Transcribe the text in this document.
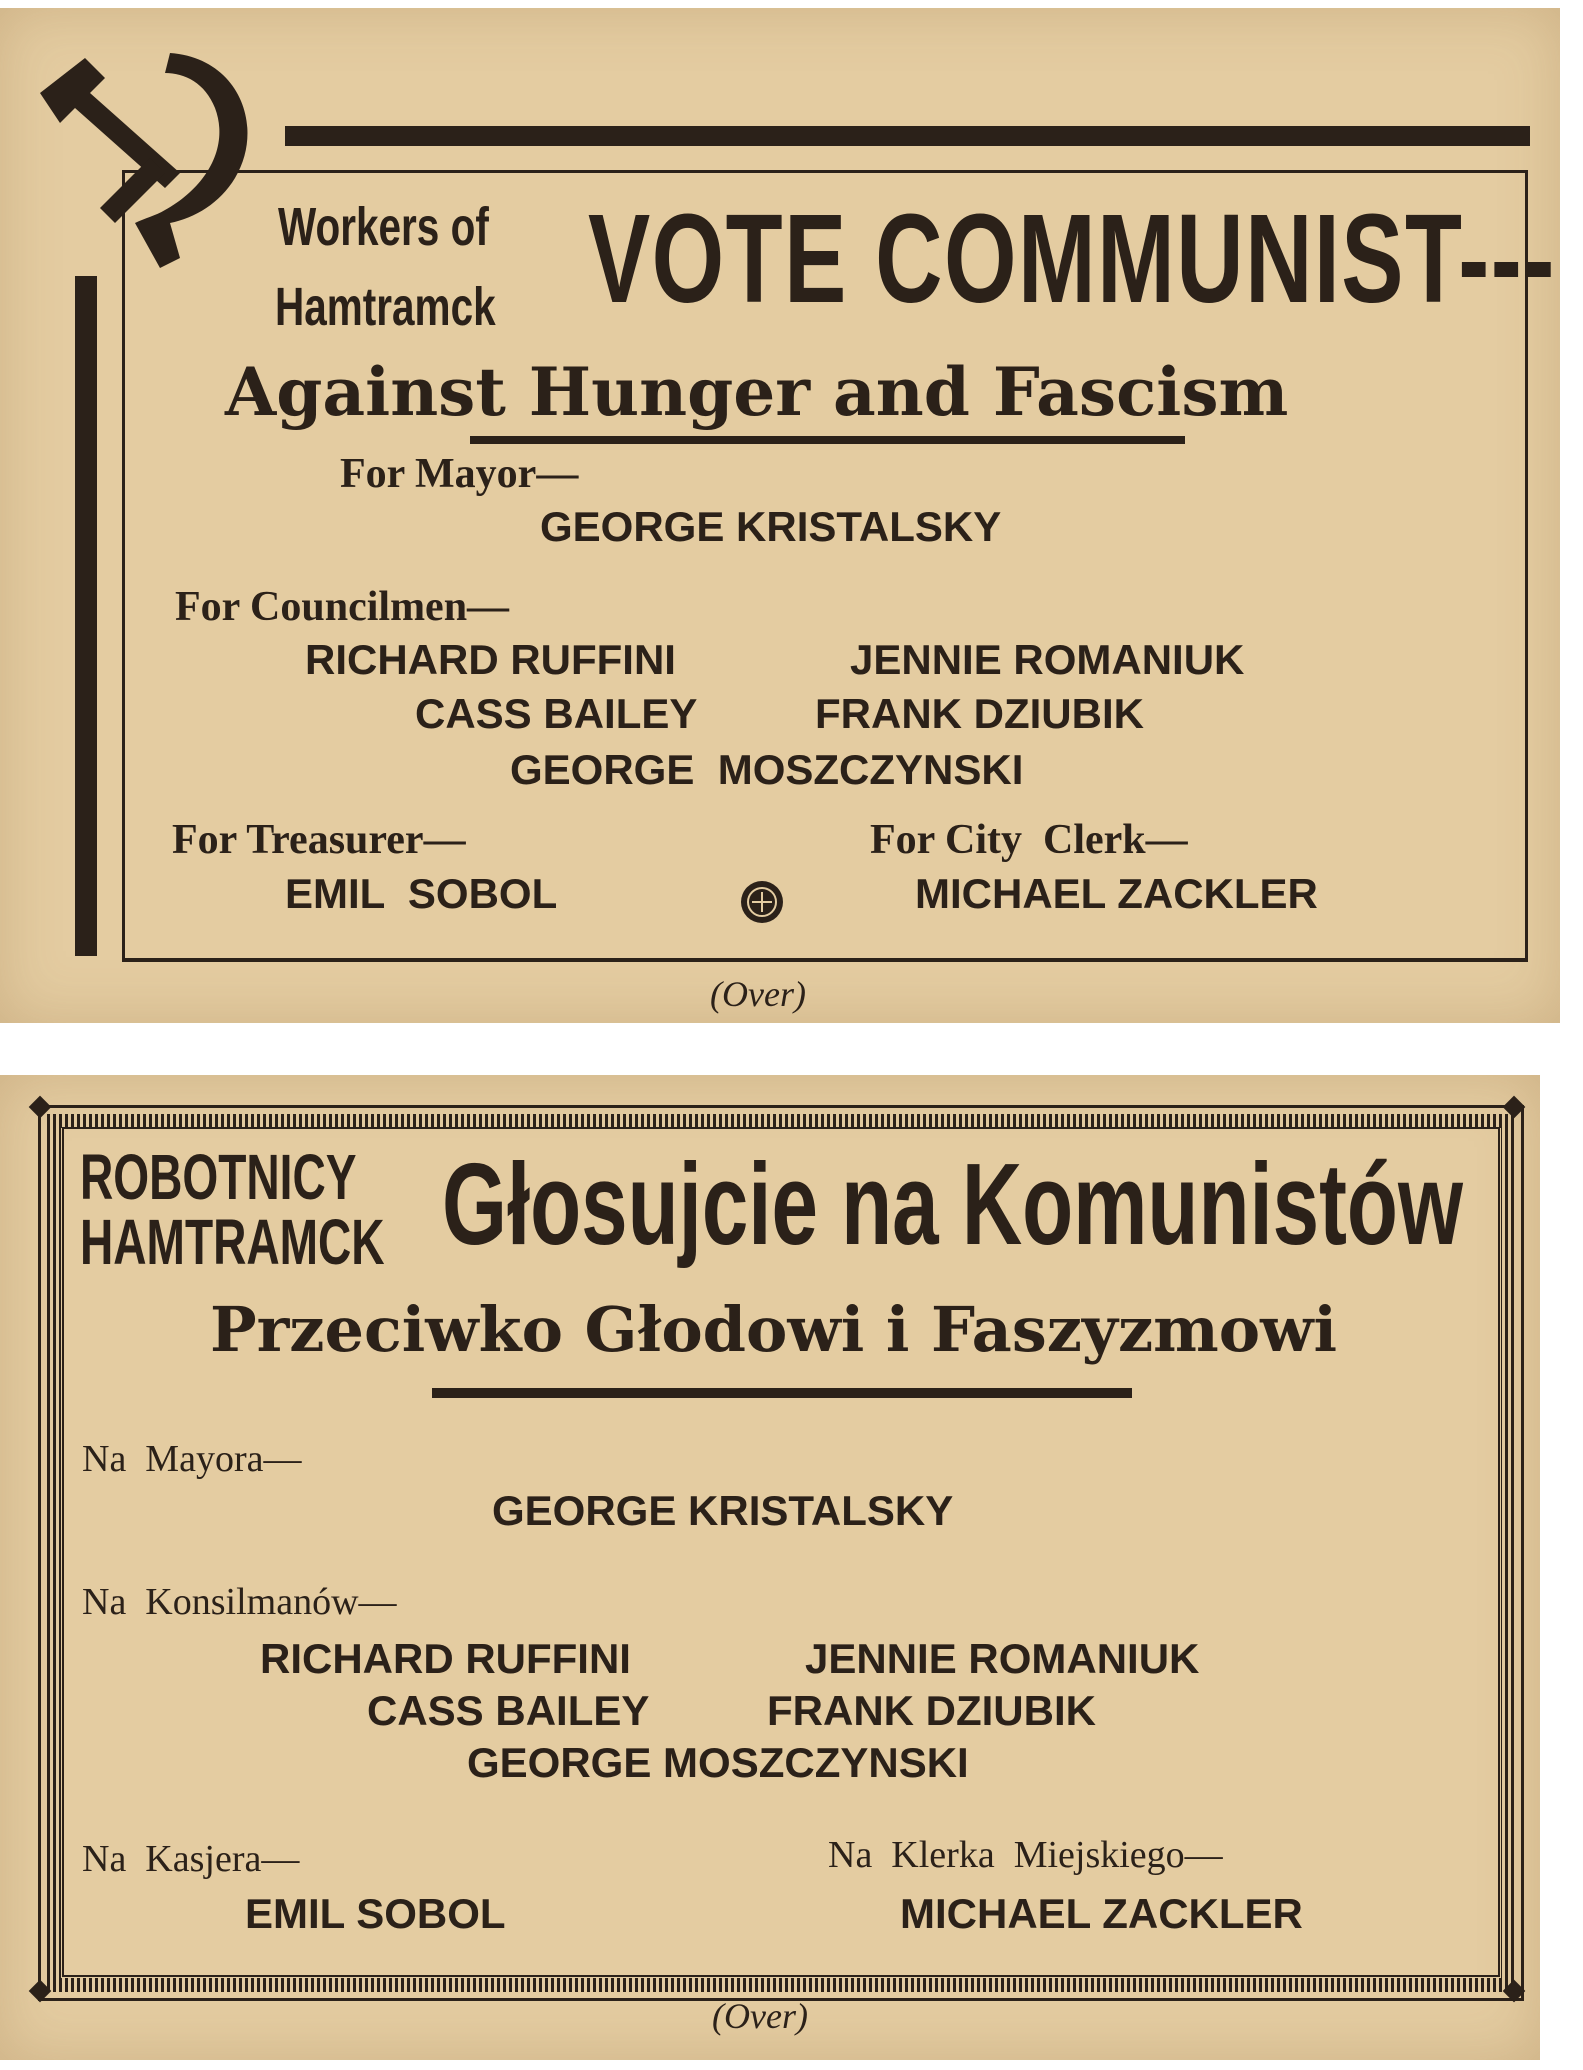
Workers of
Hamtramck VOTE COMMUNIST---
Against Hunger and Fascism
For Mayor—
GEORGE KRISTALSKY
For Councilmen—
RICHARD RUFFINI	JENNIE ROMANIUK
CASS BAILEY	FRANK DZIUBIK
GEORGE  MOSZCZYNSKI
For Treasurer—
EMIL  SOBOL
For City  Clerk—
MICHAEL ZACKLER
(Over)
ROBOTNICY
HAMTRAMCK Głosujcie na Komunistów
Przeciwko Głodowi i Faszyzmowi
Na  Mayora—
GEORGE KRISTALSKY
Na  Konsilmanów—
RICHARD RUFFINI	JENNIE ROMANIUK
CASS BAILEY	FRANK DZIUBIK
GEORGE MOSZCZYNSKI
Na  Kasjera—
EMIL SOBOL
Na  Klerka  Miejskiego—
MICHAEL ZACKLER
(Over)
